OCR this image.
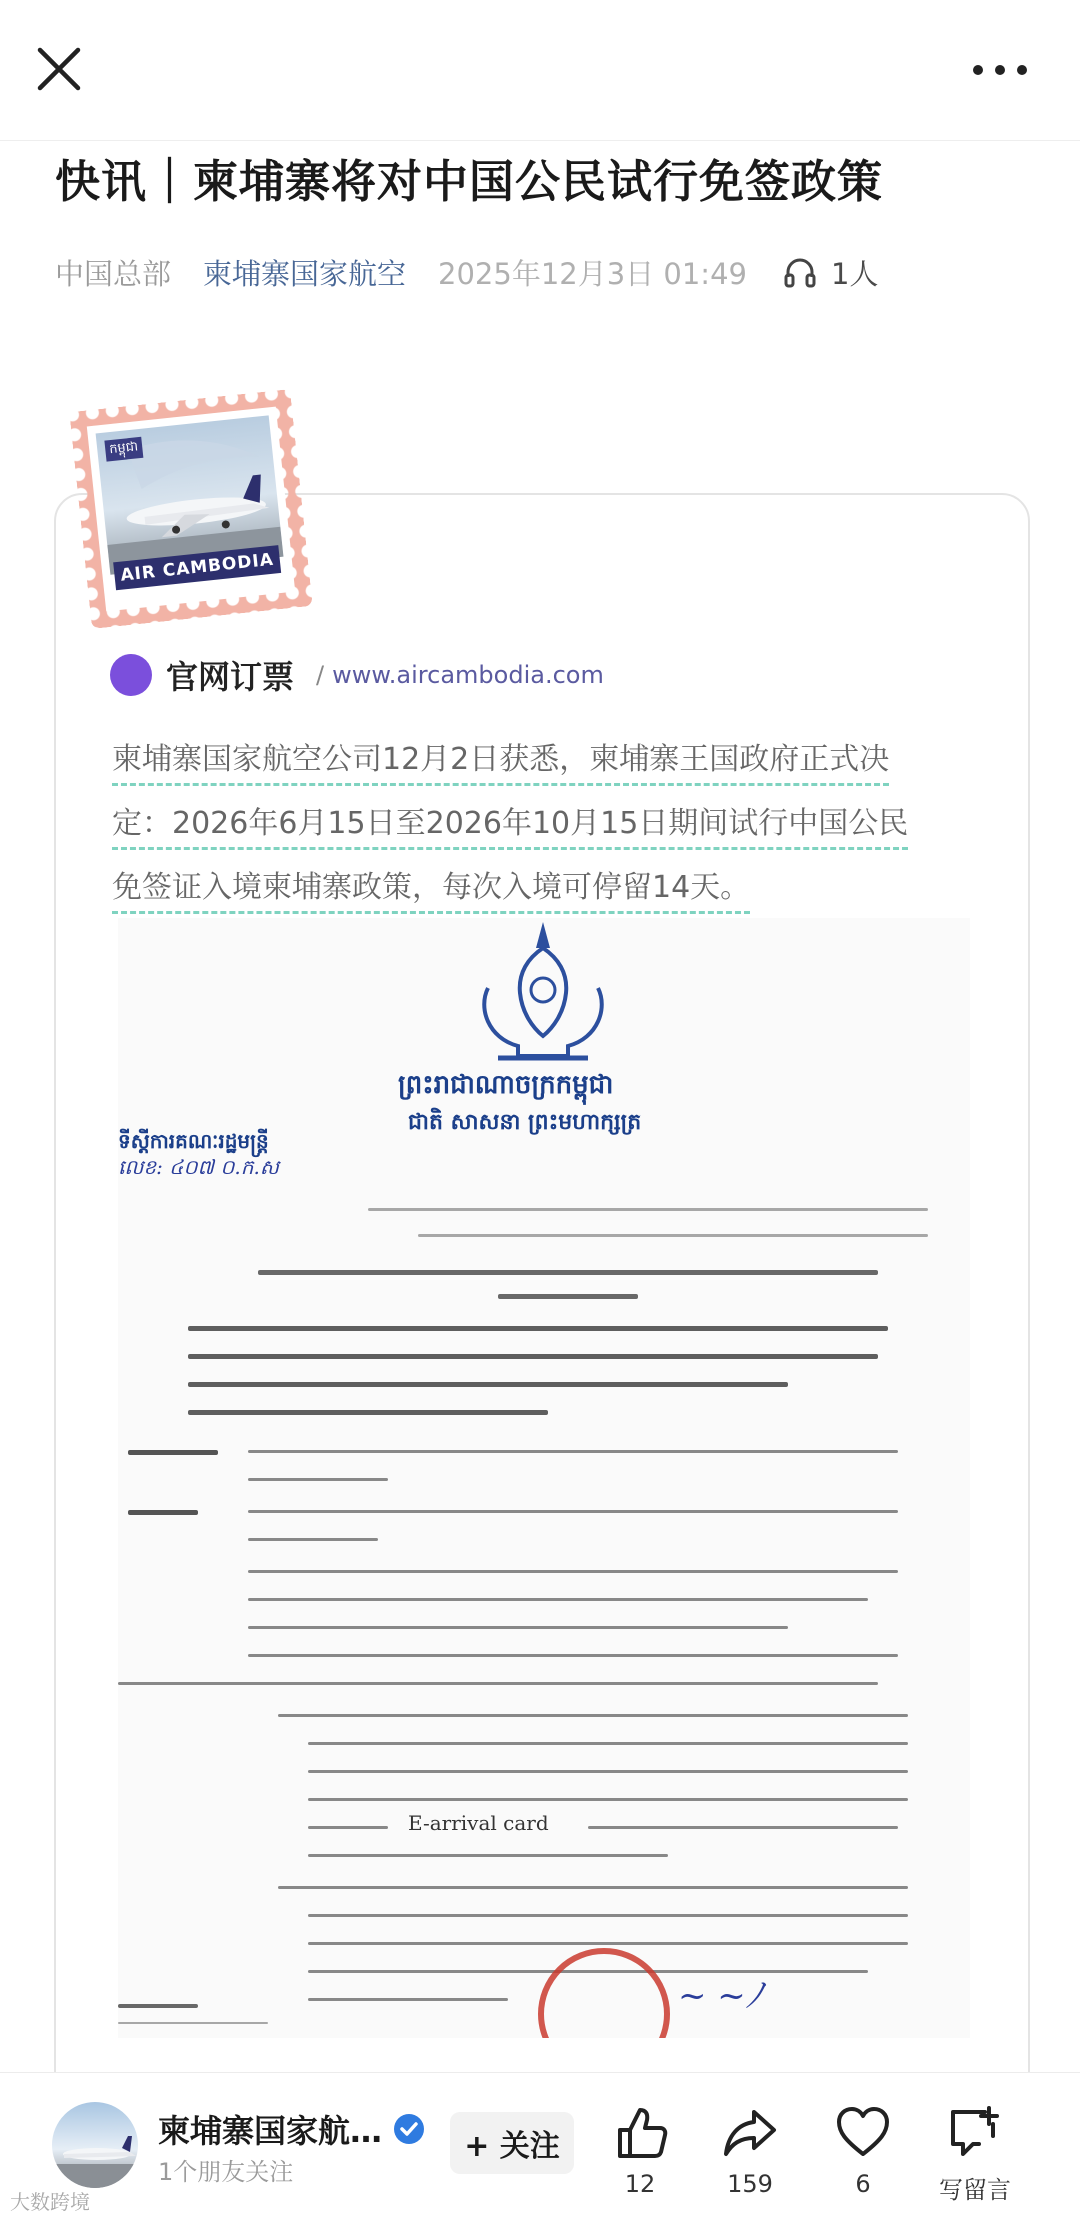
快讯｜柬埔寨将对中国公民试行免签政策
中国总部 柬埔寨国家航空 2025年12月3日 01:49	1人
កម្ពុជា
AIR CAMBODIA
官网订票 / www.aircambodia.com
柬埔寨国家航空公司12月2日获悉，柬埔寨王国政府正式决
定：2026年6月15日至2026年10月15日期间试行中国公民
免签证入境柬埔寨政策，每次入境可停留14天。
ព្រះរាជាណាចក្រកម្ពុជា
ជាតិ សាសនា ព្រះមហាក្សត្រ
ទីស្ដីការគណៈរដ្ឋមន្ត្រី
លេខ: ៤០៧ ០.ក.ស
E-arrival card
~ ~ﾉ
柬埔寨国家航…
1个朋友关注
+ 关注
12	159	6	写留言
大数跨境
